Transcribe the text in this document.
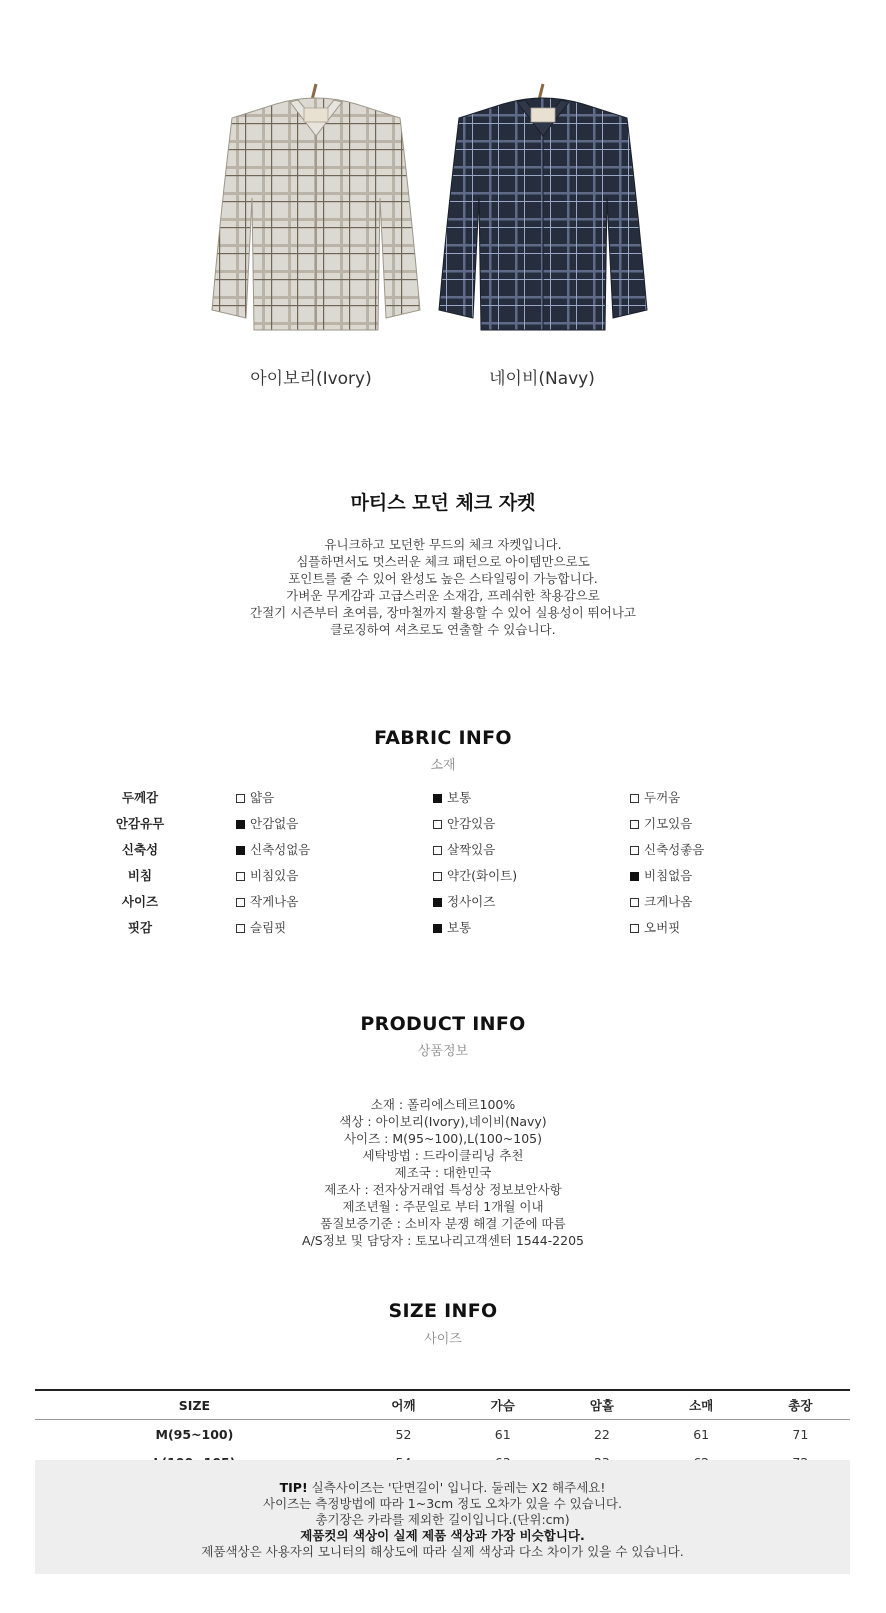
아이보리(Ivory)	네이비(Navy)
마티스 모던 체크 자켓
유니크하고 모던한 무드의 체크 자켓입니다.
심플하면서도 멋스러운 체크 패턴으로 아이템만으로도
포인트를 줄 수 있어 완성도 높은 스타일링이 가능합니다.
가벼운 무게감과 고급스러운 소재감, 프레쉬한 착용감으로
간절기 시즌부터 초여름, 장마철까지 활용할 수 있어 실용성이 뛰어나고
클로징하여 셔츠로도 연출할 수 있습니다.
FABRIC INFO
소재
두께감	얇음	보통	두꺼움
안감유무	안감없음	안감있음	기모있음
신축성	신축성없음	살짝있음	신축성좋음
비침	비침있음	약간(화이트)	비침없음
사이즈	작게나옴	정사이즈	크게나옴
핏감	슬림핏	보통	오버핏
PRODUCT INFO
상품정보
소재 : 폴리에스테르100%
색상 : 아이보리(Ivory),네이비(Navy)
사이즈 : M(95~100),L(100~105)
세탁방법 : 드라이클리닝 추천
제조국 : 대한민국
제조사 : 전자상거래업 특성상 정보보안사항
제조년월 : 주문일로 부터 1개월 이내
품질보증기준 : 소비자 분쟁 해결 기준에 따름
A/S정보 및 담당자 : 토모나리고객센터 1544-2205
SIZE INFO
사이즈
SIZE	어깨	가슴	암홀	소매	총장
M(95~100)	52	61	22	61	71

TIP! 실측사이즈는 '단면길이' 입니다. 둘레는 X2 해주세요!
사이즈는 측정방법에 따라 1~3cm 정도 오차가 있을 수 있습니다.
총기장은 카라를 제외한 길이입니다.(단위:cm)
제품컷의 색상이 실제 제품 색상과 가장 비슷합니다.
제품색상은 사용자의 모니터의 해상도에 따라 실제 색상과 다소 차이가 있을 수 있습니다.
